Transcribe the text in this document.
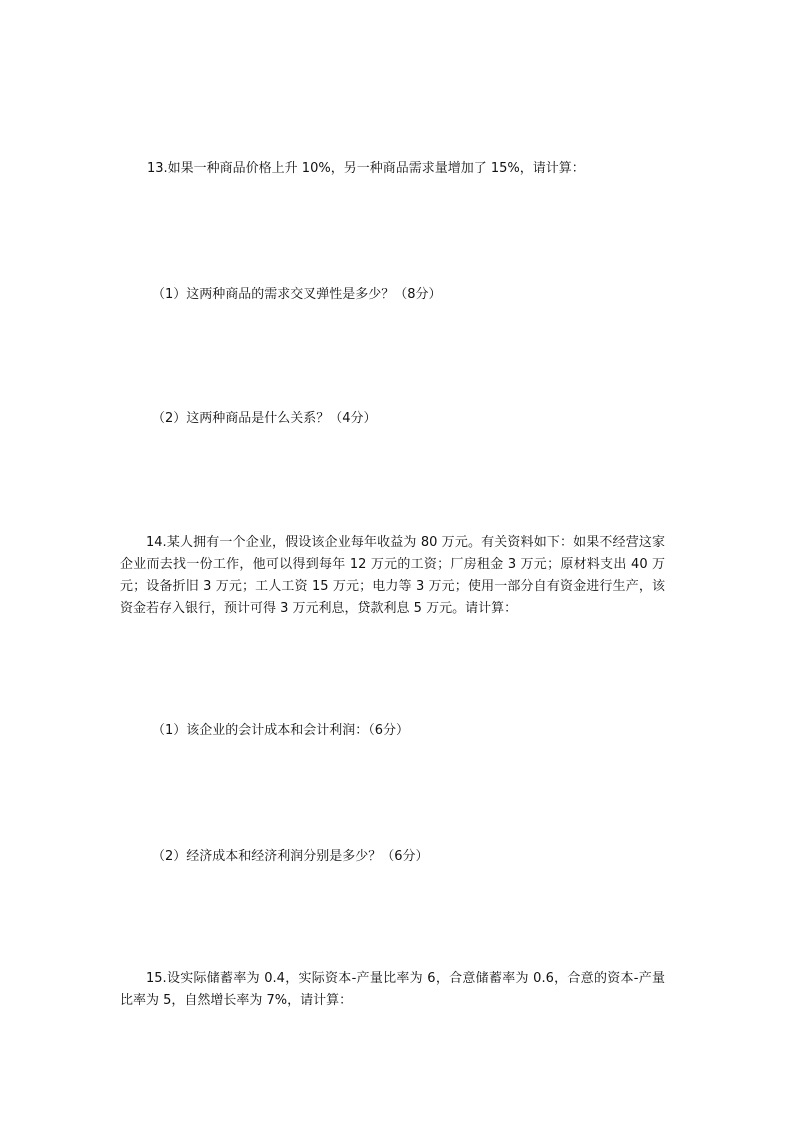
13.如果一种商品价格上升 10%，另一种商品需求量增加了 15%，请计算：

（1）这两种商品的需求交叉弹性是多少？（8分）

（2）这两种商品是什么关系？（4分）

14.某人拥有一个企业，假设该企业每年收益为 80 万元。有关资料如下：如果不经营这家企业而去找一份工作，他可以得到每年 12 万元的工资；厂房租金 3 万元；原材料支出 40 万元；设备折旧 3 万元；工人工资 15 万元；电力等 3 万元；使用一部分自有资金进行生产，该资金若存入银行，预计可得 3 万元利息，贷款利息 5 万元。请计算：

（1）该企业的会计成本和会计利润：（6分）

（2）经济成本和经济利润分别是多少？（6分）

15.设实际储蓄率为 0.4，实际资本-产量比率为 6，合意储蓄率为 0.6，合意的资本-产量比率为 5，自然增长率为 7%，请计算：
